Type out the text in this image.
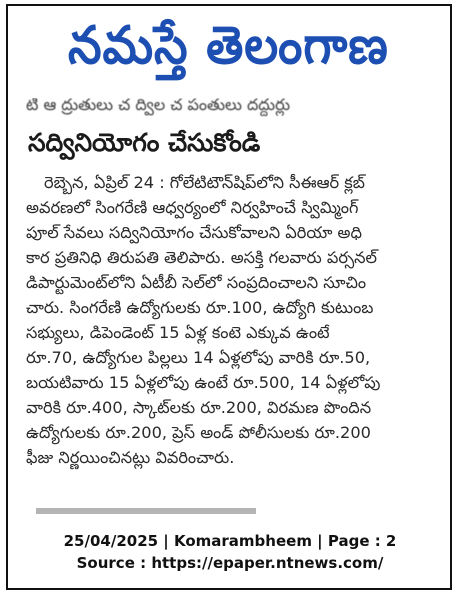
నమస్తే తెలంగాణ
టి ఆ ద్రుతులు చ ద్విల చ పంతులు దద్దుర్లు
సద్వినియోగం చేసుకోండి
రెబ్బెన, ఏప్రిల్ 24 : గోలేటిటౌన్‌షిప్‌లోని సీఈఆర్ క్లబ్
అవరణలో సింగరేణి ఆధ్వర్యంలో నిర్వహించే స్విమ్మింగ్
పూల్ సేవలు సద్వినియోగం చేసుకోవాలని ఏరియా అధి
కార ప్రతినిధి తిరుపతి తెలిపారు. అసక్తి గలవారు పర్సనల్
డిపార్టుమెంట్‌లోని ఏటీబీ సెల్‌లో సంప్రదించాలని సూచిం
చారు. సింగరేణి ఉద్యోగులకు రూ.100, ఉద్యోగి కుటుంబ
సభ్యులు, డిపెండెంట్ 15 ఏళ్ల కంటె ఎక్కువ ఉంటే
రూ.70, ఉద్యోగుల పిల్లలు 14 ఏళ్లలోపు వారికి రూ.50,
బయటివారు 15 ఏళ్లలోపు ఉంటే రూ.500, 14 ఏళ్లలోపు
వారికి రూ.400, స్కాట్‌లకు రూ.200, విరమణ పొందిన
ఉద్యోగులకు రూ.200, ప్రెస్ అండ్ పోలీసులకు రూ.200
ఫీజు నిర్ణయించినట్లు వివరించారు.
25/04/2025 | Komarambheem | Page : 2
Source : https://epaper.ntnews.com/
